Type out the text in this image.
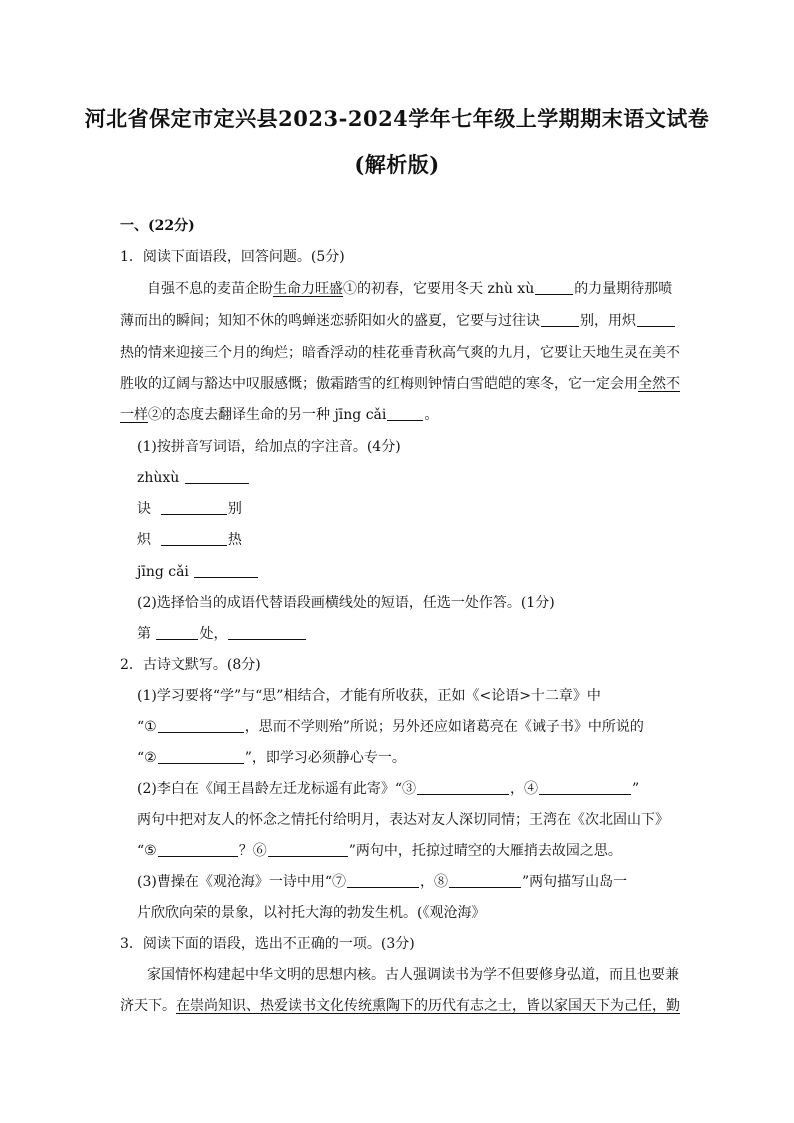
河北省保定市定兴县2023-2024学年七年级上学期期末语文试卷
(解析版)
一、(22分)
1．阅读下面语段，回答问题。(5分)
自强不息的麦苗企盼生命力旺盛①的初春，它要用冬天 zhù xù	的力量期待那喷
薄而出的瞬间；知知不休的鸣蝉迷恋骄阳如火的盛夏，它要与过往诀	别，用炽
热的情来迎接三个月的绚烂；暗香浮动的桂花垂青秋高气爽的九月，它要让天地生灵在美不
胜收的辽阔与豁达中叹服感慨；傲霜踏雪的红梅则钟情白雪皑皑的寒冬，它一定会用全然不
一样②的态度去翻译生命的另一种 jīng cǎi	。
(1)按拼音写词语，给加点的字注音。(4分)
zhùxù
诀	别
炽	热
jīng cǎi
(2)选择恰当的成语代替语段画横线处的短语，任选一处作答。(1分)
第	处，
2．古诗文默写。(8分)
(1)学习要将“学”与“思”相结合，才能有所收获，正如《<论语>十二章》中
“①	，思而不学则殆”所说；另外还应如诸葛亮在《诫子书》中所说的
“②	”，即学习必须静心专一。
(2)李白在《闻王昌龄左迁龙标遥有此寄》“③	，④	”
两句中把对友人的怀念之情托付给明月，表达对友人深切同情；王湾在《次北固山下》
“⑤	？⑥	”两句中，托掠过晴空的大雁捎去故园之思。
(3)曹操在《观沧海》一诗中用“⑦	，⑧	”两句描写山岛一
片欣欣向荣的景象，以衬托大海的勃发生机。(《观沧海》
3．阅读下面的语段，选出不正确的一项。(3分)
家国情怀构建起中华文明的思想内核。古人强调读书为学不但要修身弘道，而且也要兼
济天下。在崇尚知识、热爱读书文化传统熏陶下的历代有志之士，皆以家国天下为己任，勤
